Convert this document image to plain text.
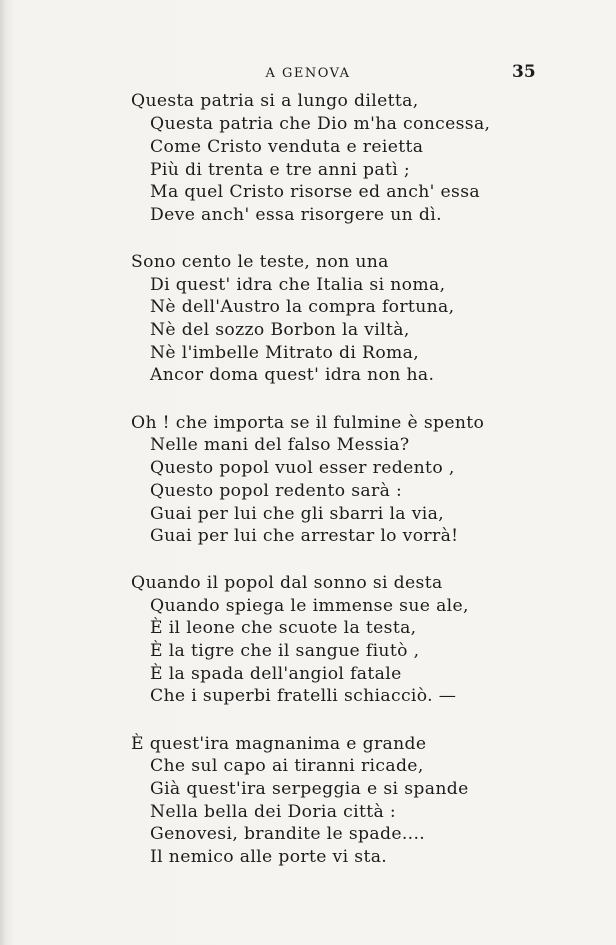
A GENOVA	35
Questa patria si a lungo diletta,
Questa patria che Dio m'ha concessa,
Come Cristo venduta e reietta
Più di trenta e tre anni patì ;
Ma quel Cristo risorse ed anch' essa
Deve anch' essa risorgere un dì.
Sono cento le teste, non una
Di quest' idra che Italia si noma,
Nè dell'Austro la compra fortuna,
Nè del sozzo Borbon la viltà,
Nè l'imbelle Mitrato di Roma,
Ancor doma quest' idra non ha.
Oh ! che importa se il fulmine è spento
Nelle mani del falso Messia?
Questo popol vuol esser redento ,
Questo popol redento sarà :
Guai per lui che gli sbarri la via,
Guai per lui che arrestar lo vorrà!
Quando il popol dal sonno si desta
Quando spiega le immense sue ale,
È il leone che scuote la testa,
È la tigre che il sangue fiutò ,
È la spada dell'angiol fatale
Che i superbi fratelli schiacciò. —
È quest'ira magnanima e grande
Che sul capo ai tiranni ricade,
Già quest'ira serpeggia e si spande
Nella bella dei Doria città :
Genovesi, brandite le spade....
Il nemico alle porte vi sta.
